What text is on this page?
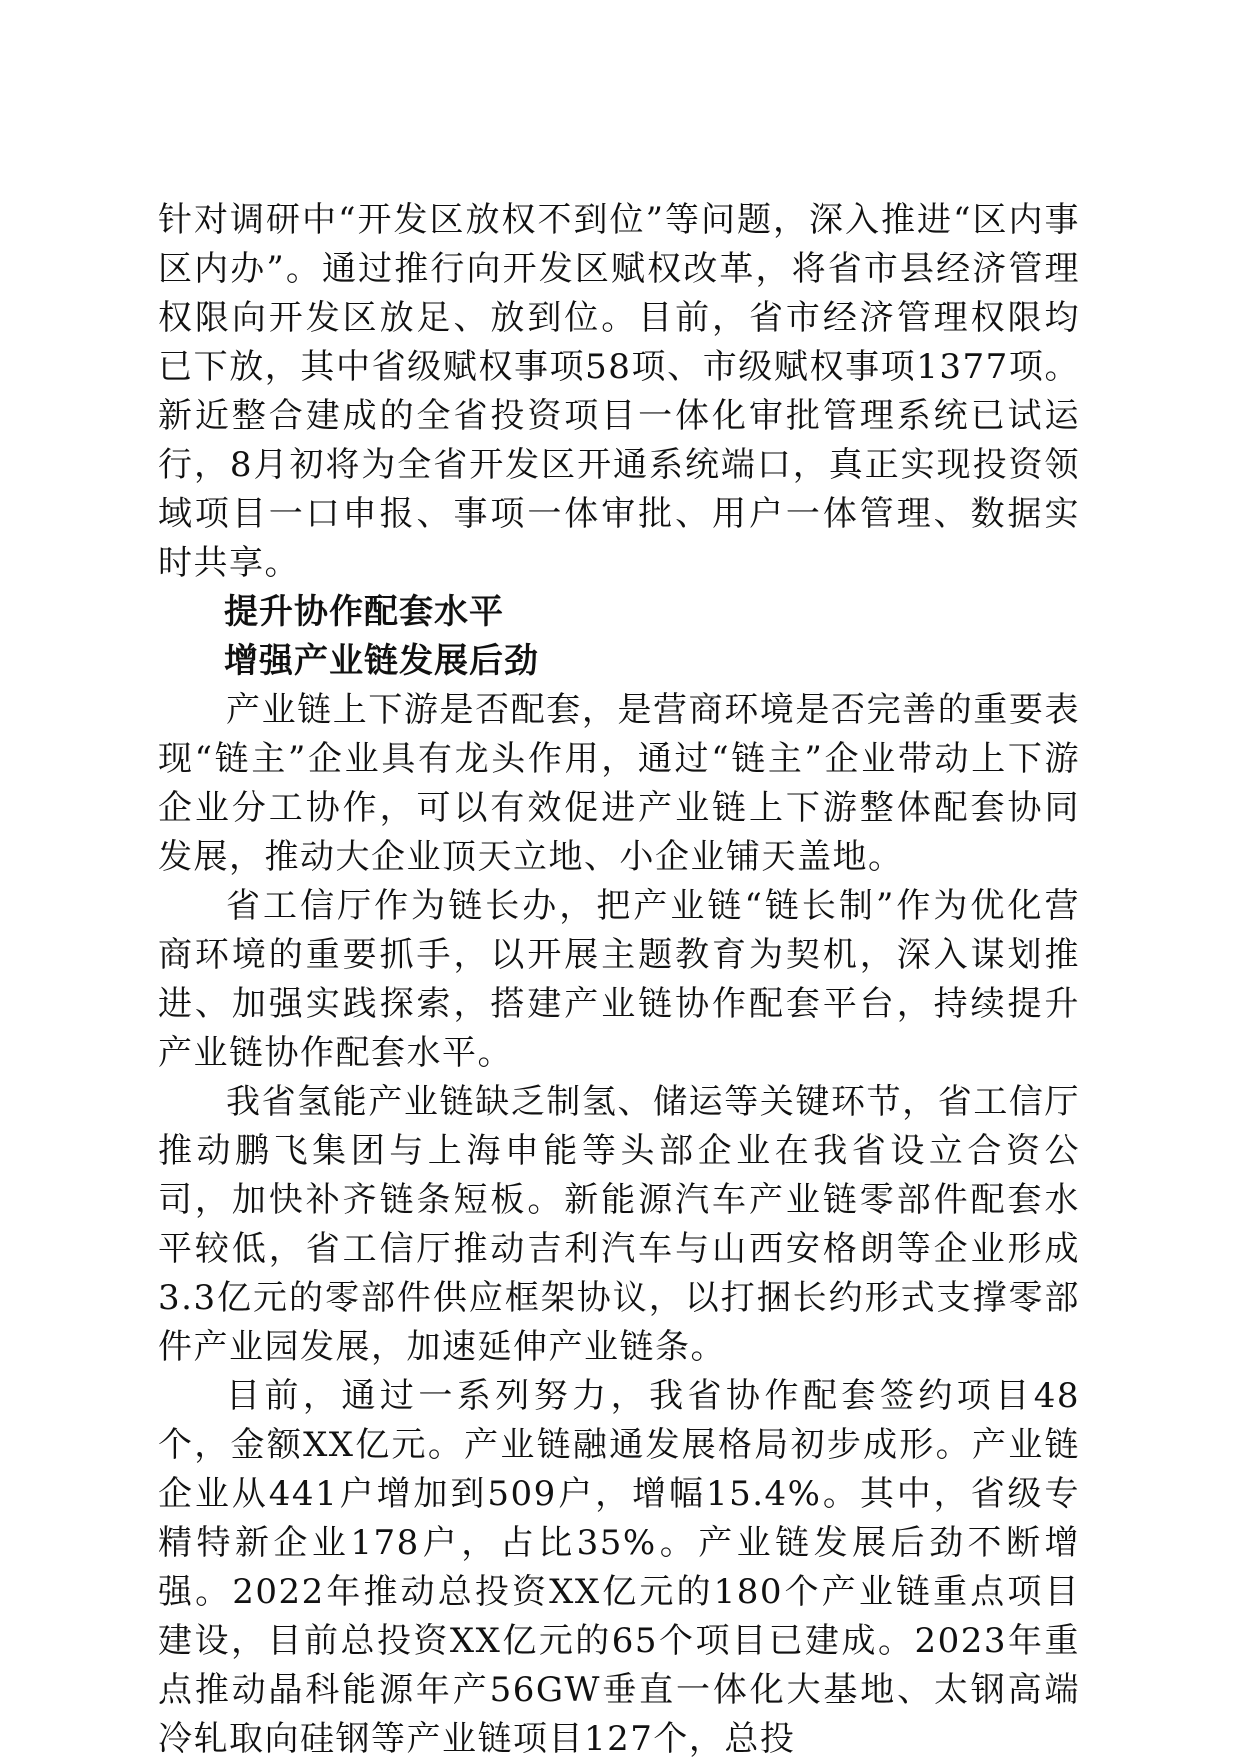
针对调研中“开发区放权不到位”等问题，深入推进“区内事区内办”。通过推行向开发区赋权改革，将省市县经济管理权限向开发区放足、放到位。目前，省市经济管理权限均已下放，其中省级赋权事项58项、市级赋权事项1377项。新近整合建成的全省投资项目一体化审批管理系统已试运行，8月初将为全省开发区开通系统端口，真正实现投资领域项目一口申报、事项一体审批、用户一体管理、数据实时共享。

提升协作配套水平

增强产业链发展后劲

产业链上下游是否配套，是营商环境是否完善的重要表现“链主”企业具有龙头作用，通过“链主”企业带动上下游企业分工协作，可以有效促进产业链上下游整体配套协同发展，推动大企业顶天立地、小企业铺天盖地。

省工信厅作为链长办，把产业链“链长制”作为优化营商环境的重要抓手，以开展主题教育为契机，深入谋划推进、加强实践探索，搭建产业链协作配套平台，持续提升产业链协作配套水平。

我省氢能产业链缺乏制氢、储运等关键环节，省工信厅推动鹏飞集团与上海申能等头部企业在我省设立合资公司，加快补齐链条短板。新能源汽车产业链零部件配套水平较低，省工信厅推动吉利汽车与山西安格朗等企业形成3.3亿元的零部件供应框架协议，以打捆长约形式支撑零部件产业园发展，加速延伸产业链条。

目前，通过一系列努力，我省协作配套签约项目48个，金额XX亿元。产业链融通发展格局初步成形。产业链企业从441户增加到509户，增幅15.4%。其中，省级专精特新企业178户，占比35%。产业链发展后劲不断增强。2022年推动总投资XX亿元的180个产业链重点项目建设，目前总投资XX亿元的65个项目已建成。2023年重点推动晶科能源年产56GW垂直一体化大基地、太钢高端冷轧取向硅钢等产业链项目127个，总投
